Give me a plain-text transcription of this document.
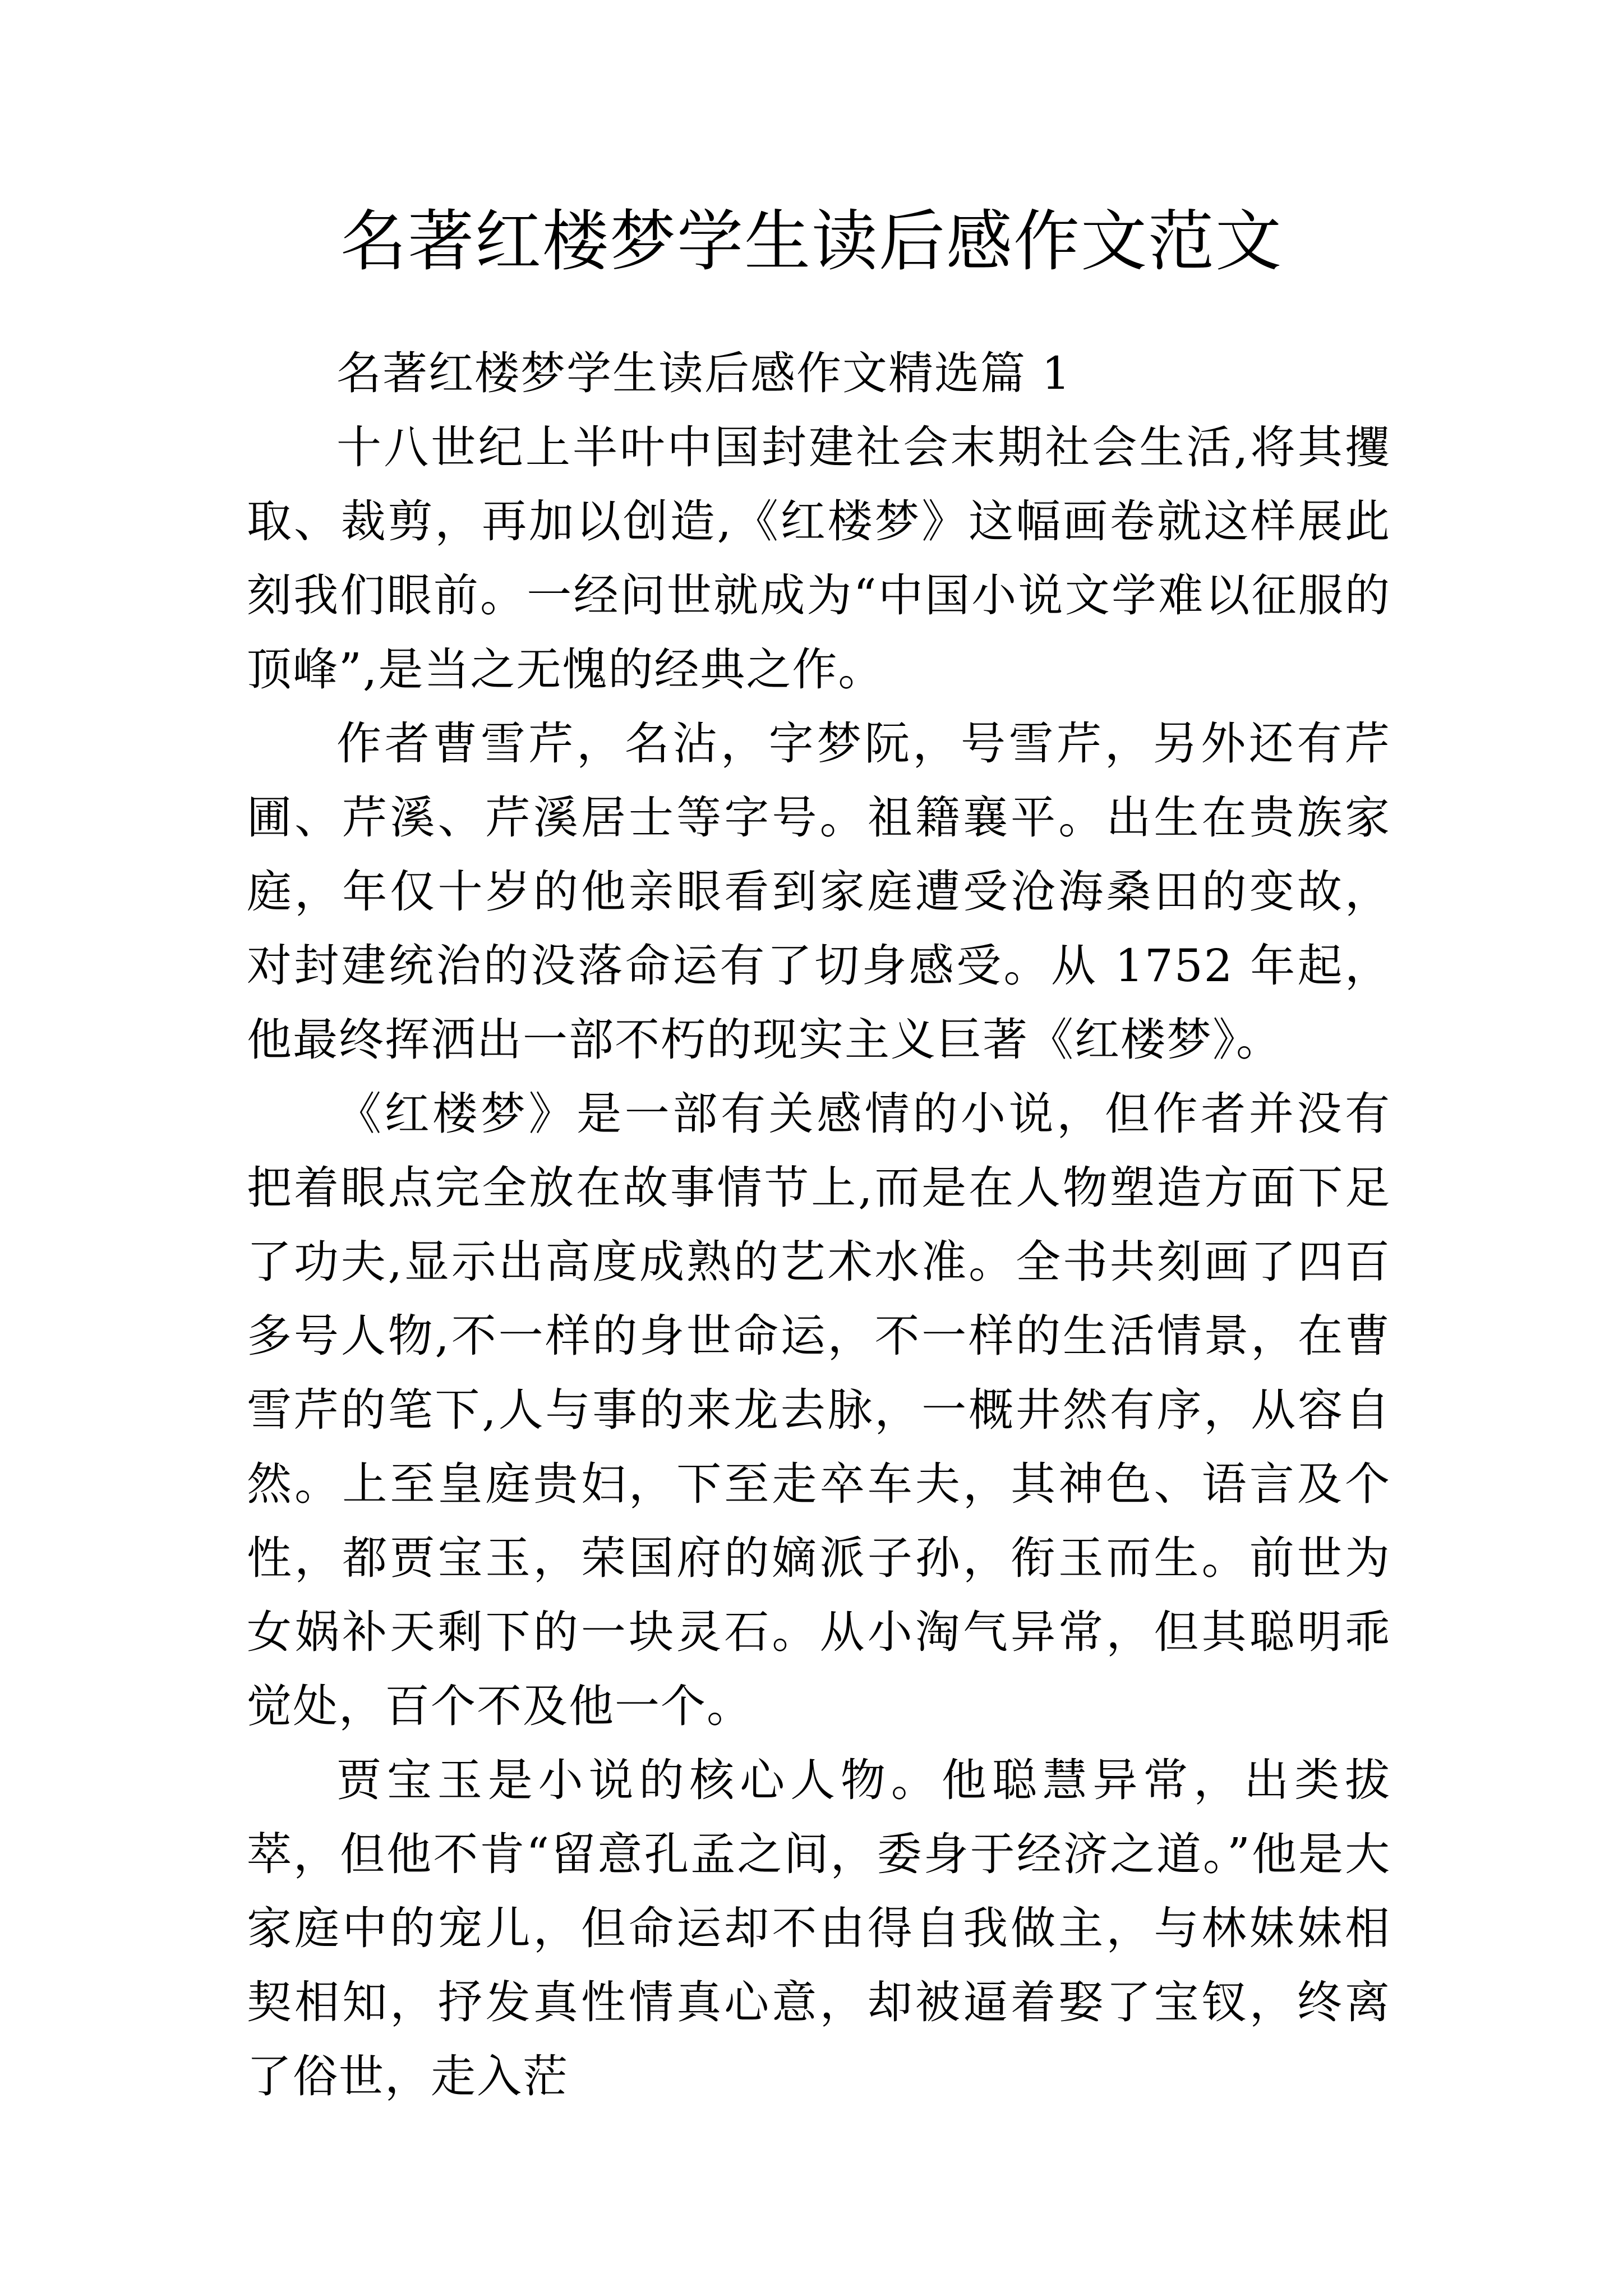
名著红楼梦学生读后感作文范文

名著红楼梦学生读后感作文精选篇 1

十八世纪上半叶中国封建社会末期社会生活,将其攫取、裁剪，再加以创造,《红楼梦》这幅画卷就这样展此刻我们眼前。一经问世就成为“中国小说文学难以征服的顶峰”,是当之无愧的经典之作。

作者曹雪芹，名沾，字梦阮，号雪芹，另外还有芹圃、芹溪、芹溪居士等字号。祖籍襄平。出生在贵族家庭，年仅十岁的他亲眼看到家庭遭受沧海桑田的变故，对封建统治的没落命运有了切身感受。从 1752 年起，他最终挥洒出一部不朽的现实主义巨著《红楼梦》。

《红楼梦》是一部有关感情的小说，但作者并没有把着眼点完全放在故事情节上,而是在人物塑造方面下足了功夫,显示出高度成熟的艺术水准。全书共刻画了四百多号人物,不一样的身世命运，不一样的生活情景，在曹雪芹的笔下,人与事的来龙去脉，一概井然有序，从容自然。上至皇庭贵妇，下至走卒车夫，其神色、语言及个性，都贾宝玉，荣国府的嫡派子孙，衔玉而生。前世为女娲补天剩下的一块灵石。从小淘气异常，但其聪明乖觉处，百个不及他一个。

贾宝玉是小说的核心人物。他聪慧异常，出类拔萃，但他不肯“留意孔孟之间，委身于经济之道。”他是大家庭中的宠儿，但命运却不由得自我做主，与林妹妹相契相知，抒发真性情真心意，却被逼着娶了宝钗，终离了俗世，走入茫
